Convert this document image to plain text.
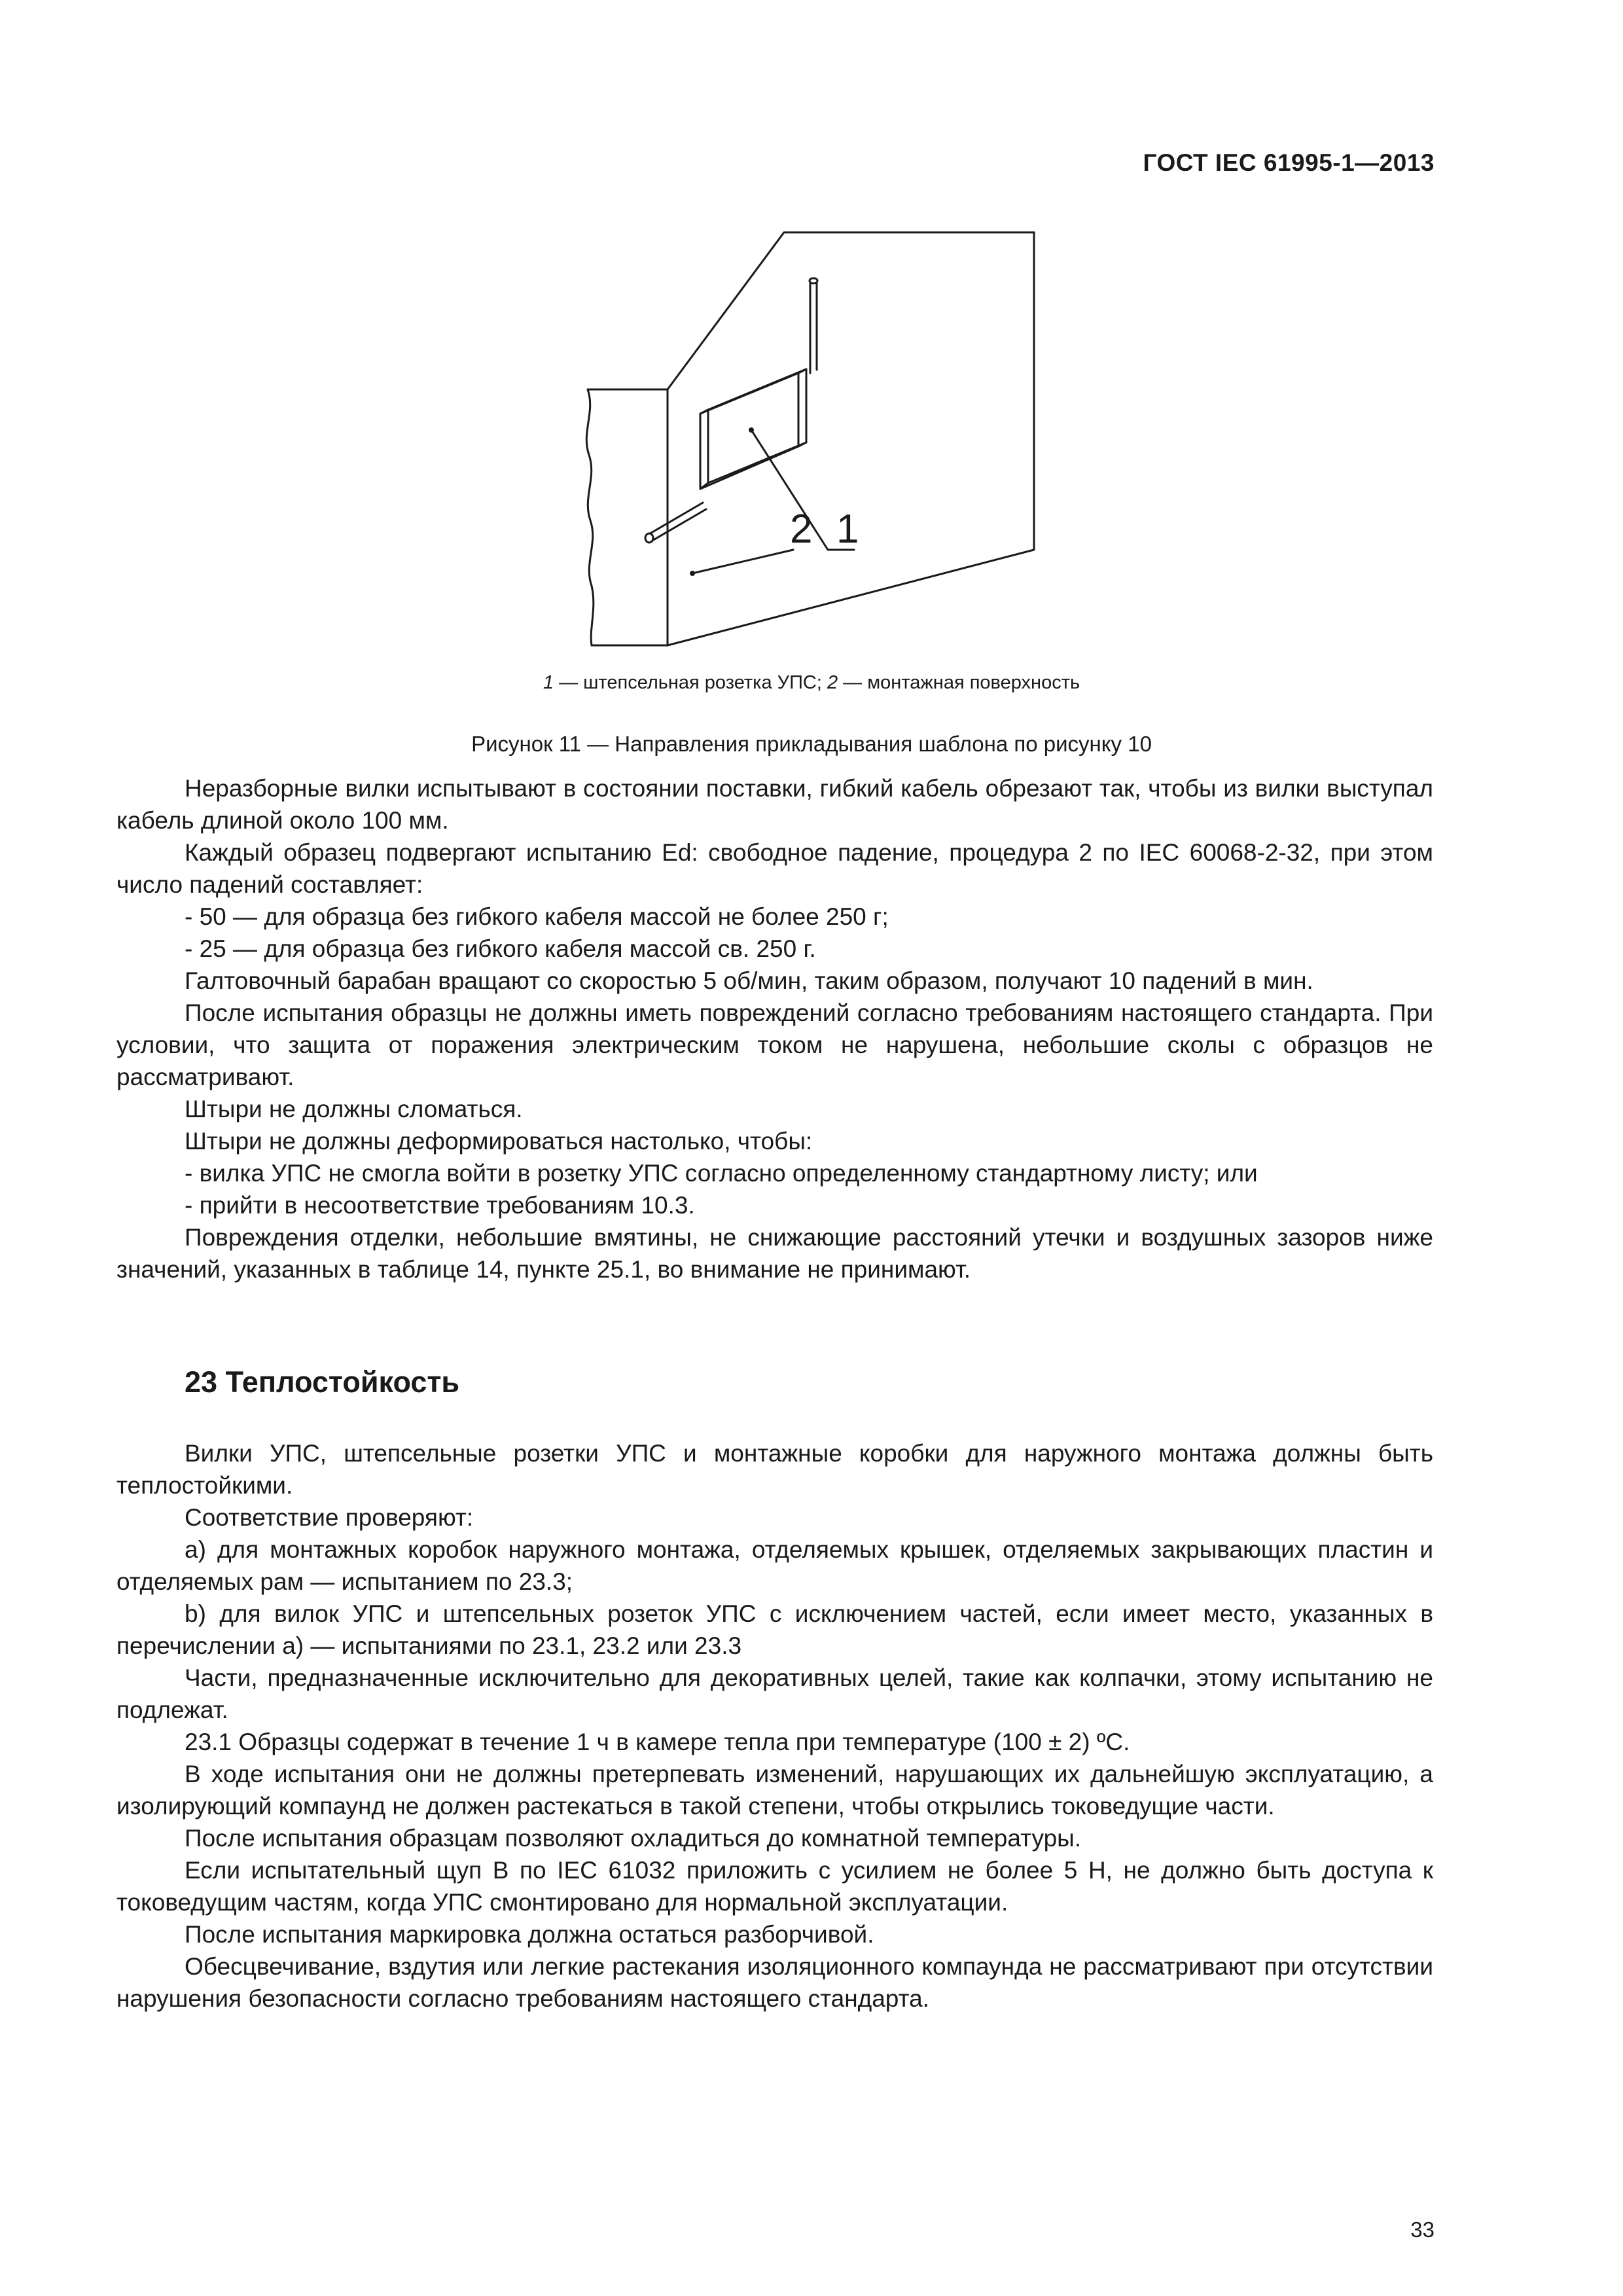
ГОСТ IEC 61995-1—2013
2 1
1 — штепсельная розетка УПС; 2 — монтажная поверхность
Рисунок 11 — Направления прикладывания шаблона по рисунку 10

Неразборные вилки испытывают в состоянии поставки, гибкий кабель обрезают так, чтобы из вилки выступал кабель длиной около 100 мм.

Каждый образец подвергают испытанию Ed: свободное падение, процедура 2 по IEC 60068-2-32, при этом число падений составляет:

- 50 — для образца без гибкого кабеля массой не более 250 г;

- 25 — для образца без гибкого кабеля массой св. 250 г.

Галтовочный барабан вращают со скоростью 5 об/мин, таким образом, получают 10 падений в мин.

После испытания образцы не должны иметь повреждений согласно требованиям настоящего стандарта. При условии, что защита от поражения электрическим током не нарушена, небольшие сколы с образцов не рассматривают.

Штыри не должны сломаться.

Штыри не должны деформироваться настолько, чтобы:

- вилка УПС не смогла войти в розетку УПС согласно определенному стандартному листу; или

- прийти в несоответствие требованиям 10.3.

Повреждения отделки, небольшие вмятины, не снижающие расстояний утечки и воздушных зазоров ниже значений, указанных в таблице 14, пункте 25.1, во внимание не принимают.

23 Теплостойкость

Вилки УПС, штепсельные розетки УПС и монтажные коробки для наружного монтажа должны быть теплостойкими.

Соответствие проверяют:

а) для монтажных коробок наружного монтажа, отделяемых крышек, отделяемых закрывающих пластин и отделяемых рам — испытанием по 23.3;

b) для вилок УПС и штепсельных розеток УПС с исключением частей, если имеет место, указанных в перечислении а) — испытаниями по 23.1, 23.2 или 23.3

Части, предназначенные исключительно для декоративных целей, такие как колпачки, этому испытанию не подлежат.

23.1 Образцы содержат в течение 1 ч в камере тепла при температуре (100 ± 2) ºС.

В ходе испытания они не должны претерпевать изменений, нарушающих их дальнейшую эксплуатацию, а изолирующий компаунд не должен растекаться в такой степени, чтобы открылись токоведущие части.

После испытания образцам позволяют охладиться до комнатной температуры.

Если испытательный щуп В по IEC 61032 приложить с усилием не более 5 Н, не должно быть доступа к токоведущим частям, когда УПС смонтировано для нормальной эксплуатации.

После испытания маркировка должна остаться разборчивой.

Обесцвечивание, вздутия или легкие растекания изоляционного компаунда не рассматривают при отсутствии нарушения безопасности согласно требованиям настоящего стандарта.

33
